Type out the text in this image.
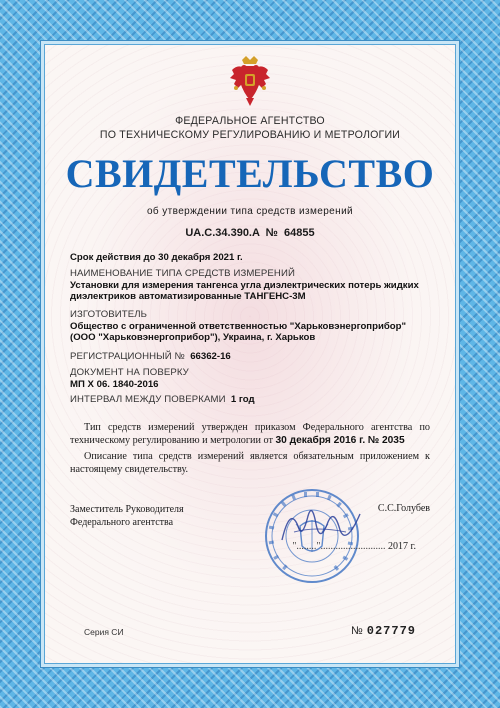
ФЕДЕРАЛЬНОЕ АГЕНТСТВО
ПО ТЕХНИЧЕСКОМУ РЕГУЛИРОВАНИЮ И МЕТРОЛОГИИ
СВИДЕТЕЛЬСТВО
об утверждении типа средств измерений
UA.C.34.390.A № 64855
Срок действия до 30 декабря 2021 г.
НАИМЕНОВАНИЕ ТИПА СРЕДСТВ ИЗМЕРЕНИЙ
Установки для измерения тангенса угла диэлектрических потерь жидких
диэлектриков автоматизированные ТАНГЕНС-3М
ИЗГОТОВИТЕЛЬ
Общество с ограниченной ответственностью "Харьковэнергоприбор"
(ООО "Харьковэнергоприбор"), Украина, г. Харьков
РЕГИСТРАЦИОННЫЙ № 66362-16
ДОКУМЕНТ НА ПОВЕРКУ
МП Х 06. 1840-2016
ИНТЕРВАЛ МЕЖДУ ПОВЕРКАМИ 1 год
Тип средств измерений утвержден приказом Федерального агентства по техническому регулированию и метрологии от 30 декабря 2016 г. № 2035
Описание типа средств измерений является обязательным приложением к настоящему свидетельству.
Заместитель Руководителя
Федерального агентства
С.С.Голубев
"........".......................... 2017 г.
Серия СИ	№ 027779
